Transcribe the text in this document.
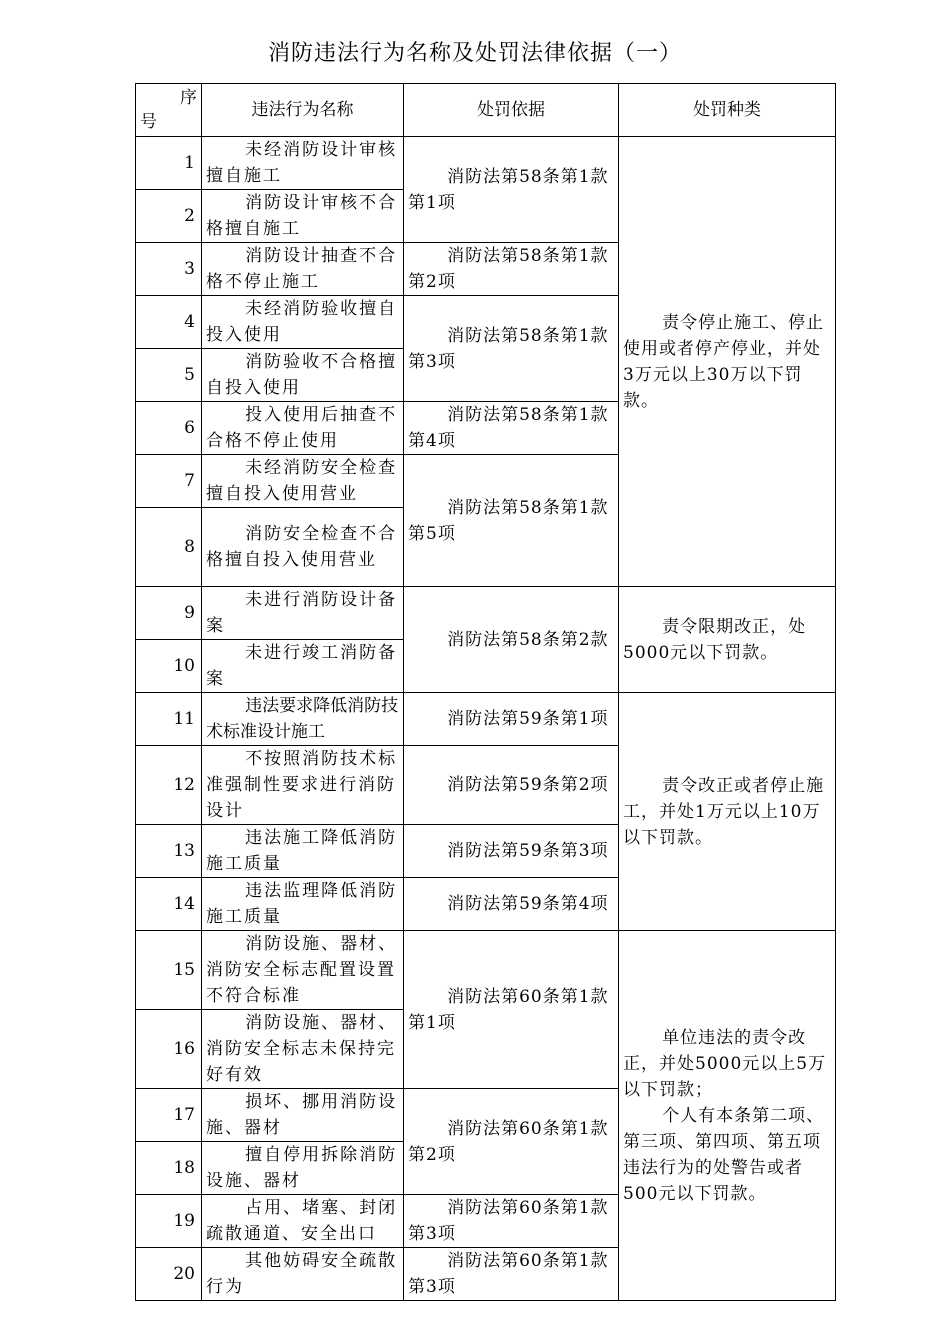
消防违法行为名称及处罚法律依据（一）
序
号	违法行为名称	处罚依据	处罚种类
1	未经消防设计审核擅自施工	消防法第58条第1款第1项	责令停止施工、停止使用或者停产停业，并处3万元以上30万以下罚款。
2	消防设计审核不合格擅自施工		
3	消防设计抽查不合格不停止施工	消防法第58条第1款第2项	
4	未经消防验收擅自投入使用	消防法第58条第1款第3项	
5	消防验收不合格擅自投入使用		
6	投入使用后抽查不合格不停止使用	消防法第58条第1款第4项	
7	未经消防安全检查擅自投入使用营业	消防法第58条第1款第5项	
8	消防安全检查不合格擅自投入使用营业		
9	未进行消防设计备案	消防法第58条第2款	责令限期改正，处5000元以下罚款。
10	未进行竣工消防备案		
11	违法要求降低消防技术标准设计施工	消防法第59条第1项	责令改正或者停止施工，并处1万元以上10万以下罚款。
12	不按照消防技术标准强制性要求进行消防设计	消防法第59条第2项	
13	违法施工降低消防施工质量	消防法第59条第3项	
14	违法监理降低消防施工质量	消防法第59条第4项	
15	消防设施、器材、消防安全标志配置设置不符合标准	消防法第60条第1款第1项	单位违法的责令改正，并处5000元以上5万以下罚款；

个人有本条第二项、第三项、第四项、第五项违法行为的处警告或者500元以下罚款。

16	消防设施、器材、消防安全标志未保持完好有效		
17	损坏、挪用消防设施、器材	消防法第60条第1款第2项	
18	擅自停用拆除消防设施、器材		
19	占用、堵塞、封闭疏散通道、安全出口	消防法第60条第1款第3项	
20	其他妨碍安全疏散行为	消防法第60条第1款第3项	
